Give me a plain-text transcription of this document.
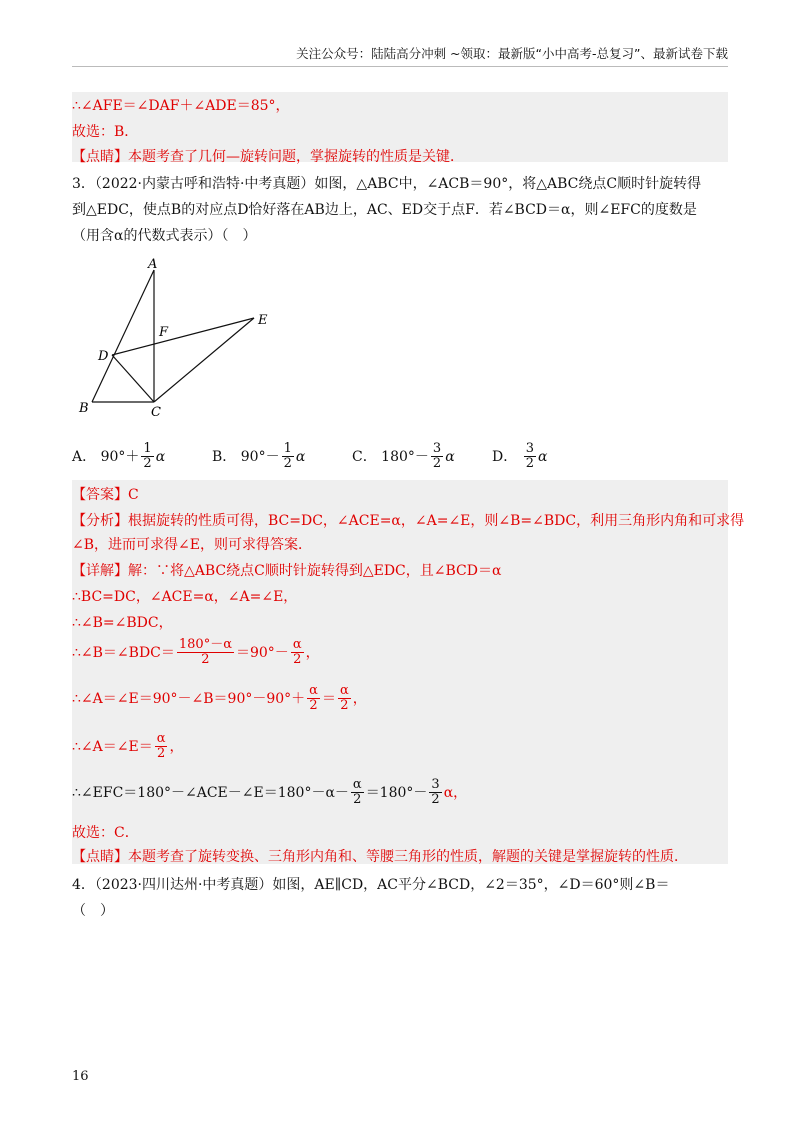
关注公众号：陆陆高分冲刺 ~领取：最新版“小中高考-总复习”、最新试卷下载
∴∠AFE＝∠DAF＋∠ADE＝85°，
故选：B．
【点睛】本题考查了几何—旋转问题，掌握旋转的性质是关键．
3．（2022·内蒙古呼和浩特·中考真题）如图，△ABC中，∠ACB＝90°，将△ABC绕点C顺时针旋转得
到△EDC，使点B的对应点D恰好落在AB边上，AC、ED交于点F．若∠BCD＝α，则∠EFC的度数是
（用含α的代数式表示）（　）
A
B	C
D
E
F
A． $90^\circ+ \frac{1}{2}$ α	B． $90^\circ- \frac{1}{2}$ α	C． $180^\circ- \frac{3}{2}$ α	D． $\frac{3}{2}$ α
【答案】C
【分析】根据旋转的性质可得，BC=DC，∠ACE=α，∠A=∠E，则∠B=∠BDC，利用三角形内角和可求得
∠B，进而可求得∠E，则可求得答案．
【详解】解：∵将△ABC绕点C顺时针旋转得到△EDC，且∠BCD＝α
∴BC=DC，∠ACE=α，∠A=∠E，
∴∠B=∠BDC，
∴∠B＝∠BDC＝ $\frac{180^\circ-\alpha}{2} =90^\circ- \frac{\alpha}{2}$ ，
∴∠A＝∠E＝90°－∠B＝90°－90°＋ $\frac{\alpha}{2} = \frac{\alpha}{2}$ ，
∴∠A＝∠E＝ $\frac{\alpha}{2}$ ，
∴∠EFC＝180°－∠ACE－∠E＝180°－α－ $\frac{\alpha}{2} =180^\circ- \frac{3}{2}$ α，
故选：C．
【点睛】本题考查了旋转变换、三角形内角和、等腰三角形的性质，解题的关键是掌握旋转的性质．
4．（2023·四川达州·中考真题）如图，AE∥CD，AC平分∠BCD，∠2＝35°，∠D＝60°则∠B＝
（　）
16
